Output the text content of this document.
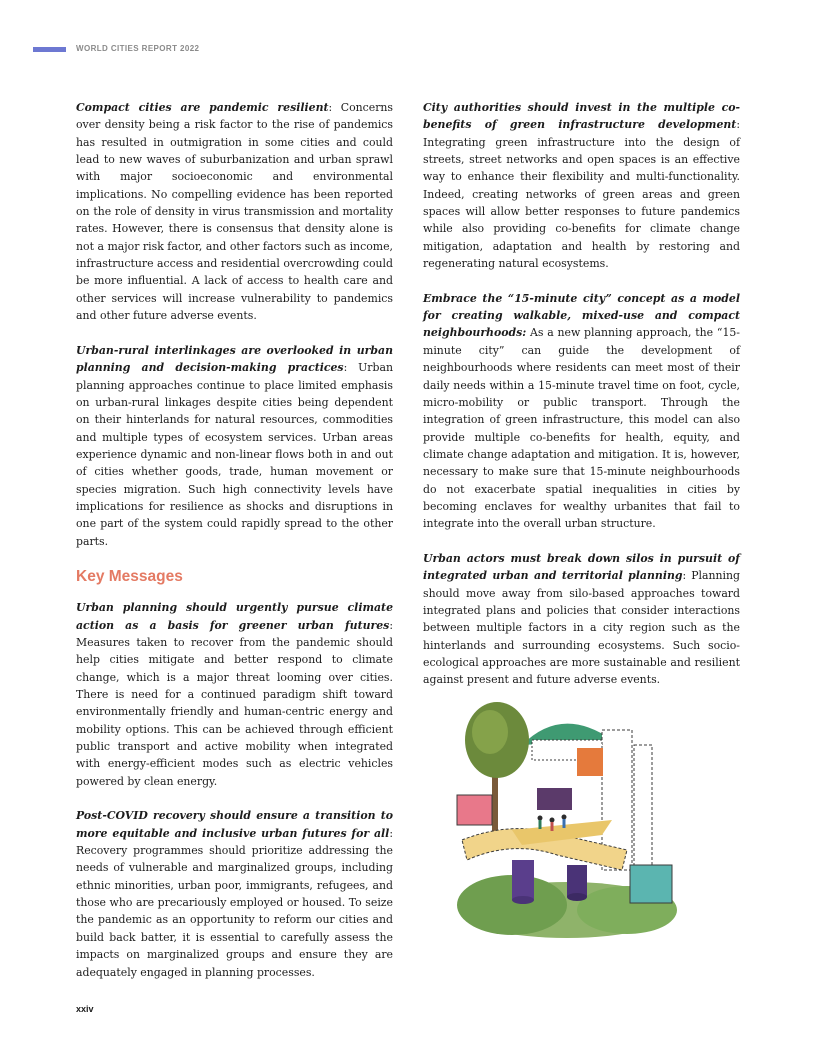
WORLD CITIES REPORT 2022

Compact cities are pandemic resilient: Concerns over density being a risk factor to the rise of pandemics has resulted in outmigration in some cities and could lead to new waves of suburbanization and urban sprawl with major socioeconomic and environmental implications. No compelling evidence has been reported on the role of density in virus transmission and mortality rates. However, there is consensus that density alone is not a major risk factor, and other factors such as income, infrastructure access and residential overcrowding could be more influential. A lack of access to health care and other services will increase vulnerability to pandemics and other future adverse events.

Urban-rural interlinkages are overlooked in urban planning and decision-making practices: Urban planning approaches continue to place limited emphasis on urban-rural linkages despite cities being dependent on their hinterlands for natural resources, commodities and multiple types of ecosystem services. Urban areas experience dynamic and non-linear flows both in and out of cities whether goods, trade, human movement or species migration. Such high connectivity levels have implications for resilience as shocks and disruptions in one part of the system could rapidly spread to the other parts.

Key Messages

Urban planning should urgently pursue climate action as a basis for greener urban futures: Measures taken to recover from the pandemic should help cities mitigate and better respond to climate change, which is a major threat looming over cities. There is need for a continued paradigm shift toward environmentally friendly and human-centric energy and mobility options. This can be achieved through efficient public transport and active mobility when integrated with energy-efficient modes such as electric vehicles powered by clean energy.

Post-COVID recovery should ensure a transition to more equitable and inclusive urban futures for all: Recovery programmes should prioritize addressing the needs of vulnerable and marginalized groups, including ethnic minorities, urban poor, immigrants, refugees, and those who are precariously employed or housed. To seize the pandemic as an opportunity to reform our cities and build back batter, it is essential to carefully assess the impacts on marginalized groups and ensure they are adequately engaged in planning processes.

City authorities should invest in the multiple co-benefits of green infrastructure development: Integrating green infrastructure into the design of streets, street networks and open spaces is an effective way to enhance their flexibility and multi-functionality. Indeed, creating networks of green areas and green spaces will allow better responses to future pandemics while also providing co-benefits for climate change mitigation, adaptation and health by restoring and regenerating natural ecosystems.

Embrace the “15-minute city” concept as a model for creating walkable, mixed-use and compact neighbourhoods: As a new planning approach, the “15-minute city” can guide the development of neighbourhoods where residents can meet most of their daily needs within a 15-minute travel time on foot, cycle, micro-mobility or public transport. Through the integration of green infrastructure, this model can also provide multiple co-benefits for health, equity, and climate change adaptation and mitigation. It is, however, necessary to make sure that 15-minute neighbourhoods do not exacerbate spatial inequalities in cities by becoming enclaves for wealthy urbanites that fail to integrate into the overall urban structure.

Urban actors must break down silos in pursuit of integrated urban and territorial planning: Planning should move away from silo-based approaches toward integrated plans and policies that consider interactions between multiple factors in a city region such as the hinterlands and surrounding ecosystems. Such socio-ecological approaches are more sustainable and resilient against present and future adverse events.

xxiv
